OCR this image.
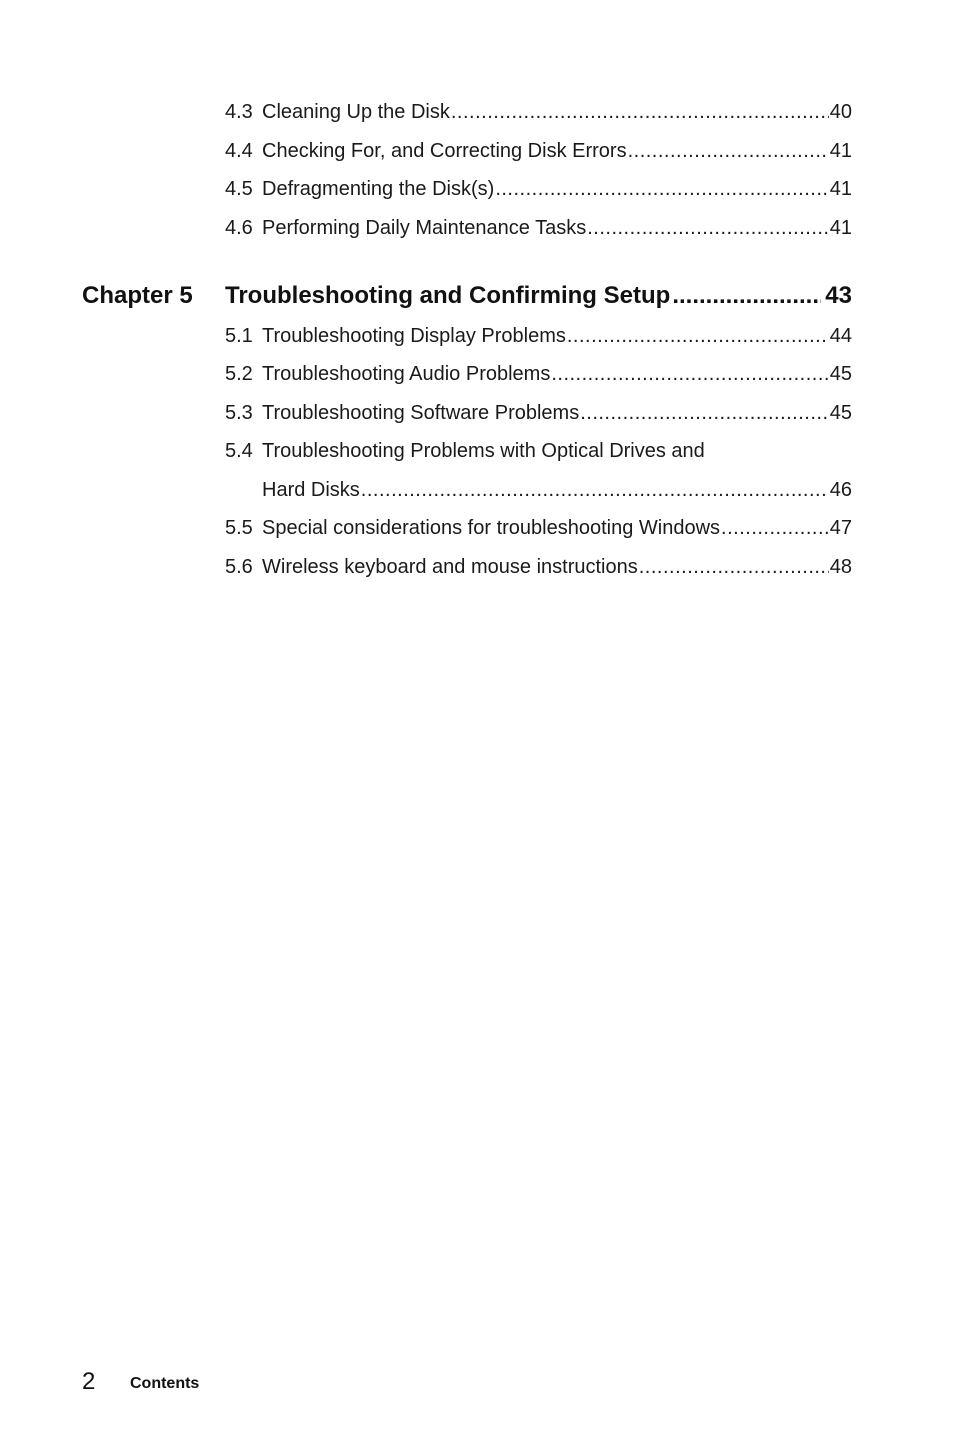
4.3 Cleaning Up the Disk .....	40
4.4 Checking For, and Correcting Disk Errors .....	41
4.5 Defragmenting the Disk(s) .....	41
4.6 Performing Daily Maintenance Tasks .....	41
Chapter 5	Troubleshooting and Confirming Setup .....	43
5.1 Troubleshooting Display Problems .....	44
5.2 Troubleshooting Audio Problems .....	45
5.3 Troubleshooting Software Problems .....	45
5.4 Troubleshooting Problems with Optical Drives and
Hard Disks .....	46
5.5 Special considerations for troubleshooting Windows .....	47
5.6 Wireless keyboard and mouse instructions .....	48
2 Contents
